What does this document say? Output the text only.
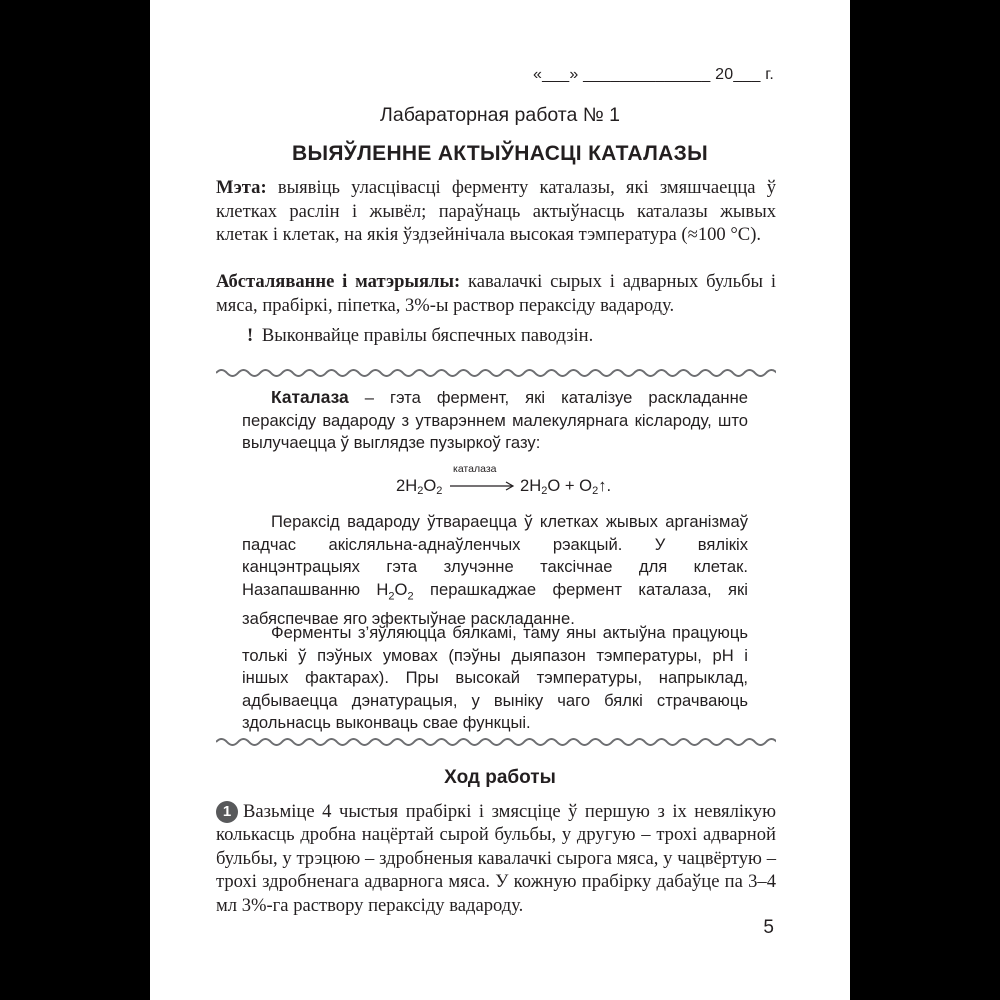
«___» ______________ 20___ г.
Лабараторная работа № 1
ВЫЯЎЛЕННЕ АКТЫЎНАСЦІ КАТАЛАЗЫ
Мэта: выявіць уласцівасці ферменту каталазы, які змяшчаецца ў клетках раслін і жывёл; параўнаць актыўнасць каталазы жывых клетак і клетак, на якія ўздзейнічала высокая тэмпература (≈100 °С).
Абсталяванне і матэрыялы: кавалачкі сырых і адварных бульбы і мяса, прабіркі, піпетка, 3%-ы раствор пераксіду вадароду.
! Выконвайце правілы бяспечных паводзін.

Каталаза – гэта фермент, які каталізуе раскладанне пераксіду вадароду з утварэннем малекулярнага кіслароду, што вылучаецца ў выглядзе пузыркоў газу:

$2H_2O_2$
каталаза
$2H_2O$ + $O_2↑$.

Пераксід вадароду ўтвараецца ў клетках жывых арганізмаў падчас акісляльна-аднаўленчых рэакцый. У вялікіх канцэнтрацыях гэта злучэнне таксічнае для клетак. Назапашванню $H_2O_2$ перашкаджае фермент каталаза, які забяспечвае яго эфектыўнае раскладанне.

Ферменты з’яўляюцца бялкамі, таму яны актыўна працуюць толькі ў пэўных умовах (пэўны дыяпазон тэмпературы, pH і іншых фактарах). Пры высокай тэмпературы, напрыклад, адбываецца дэнатурацыя, у выніку чаго бялкі страчваюць здольнасць выконваць свае функцыі.

Ход работы
1 Вазьміце 4 чыстыя прабіркі і змясціце ў першую з іх невялікую колькасць дробна нацёртай сырой бульбы, у другую – трохі адварной бульбы, у трэцюю – здробненыя кавалачкі сырога мяса, у чацвёртую – трохі здробненага адварнога мяса. У кожную прабірку дабаўце па 3–4 мл 3%-га раствору пераксіду вадароду.
5
